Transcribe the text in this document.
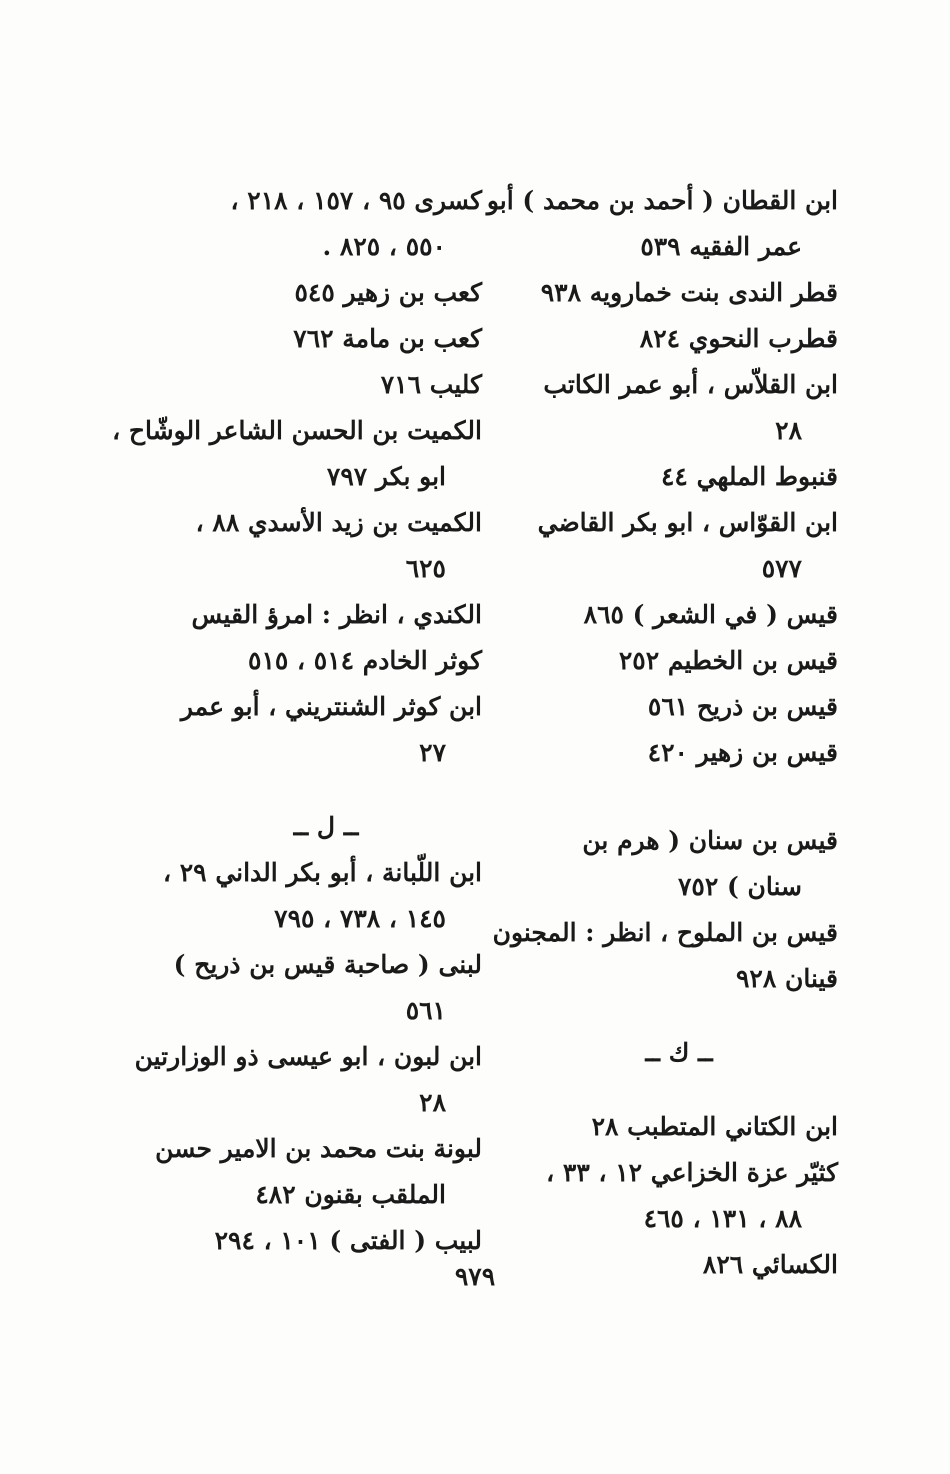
ابن القطان ( أحمد بن محمد ) أبو
عمر الفقيه ٥٣٩
قطر الندى بنت خمارويه ٩٣٨
قطرب النحوي ٨٢٤
ابن القلاّس ، أبو عمر الكاتب
٢٨
قنبوط الملهي ٤٤
ابن القوّاس ، ابو بكر القاضي
٥٧٧
قيس ( في الشعر ) ٨٦٥
قيس بن الخطيم ٢٥٢
قيس بن ذريح ٥٦١
قيس بن زهير ٤٢٠
قيس بن سنان ( هرم بن
سنان ) ٧٥٢
قيس بن الملوح ، انظر : المجنون
قينان ٩٢٨
ــ ك ــ
ابن الكتاني المتطبب ٢٨
كثيّر عزة الخزاعي ١٢ ، ٣٣ ،
٨٨ ، ١٣١ ، ٤٦٥
الكسائي ٨٢٦
كسرى ٩٥ ، ١٥٧ ، ٢١٨ ،
٥٥٠ ، ٨٢٥ .
كعب بن زهير ٥٤٥
كعب بن مامة ٧٦٢
كليب ٧١٦
الكميت بن الحسن الشاعر الوشّاح ،
ابو بكر ٧٩٧
الكميت بن زيد الأسدي ٨٨ ،
٦٢٥
الكندي ، انظر : امرؤ القيس
كوثر الخادم ٥١٤ ، ٥١٥
ابن كوثر الشنتريني ، أبو عمر
٢٧
ــ ل ــ
ابن اللّبانة ، أبو بكر الداني ٢٩ ،
١٤٥ ، ٧٣٨ ، ٧٩٥
لبنى ( صاحبة قيس بن ذريح )
٥٦١
ابن لبون ، ابو عيسى ذو الوزارتين
٢٨
لبونة بنت محمد بن الامير حسن
الملقب بقنون ٤٨٢
لبيب ( الفتى ) ١٠١ ، ٢٩٤
٩٧٩
